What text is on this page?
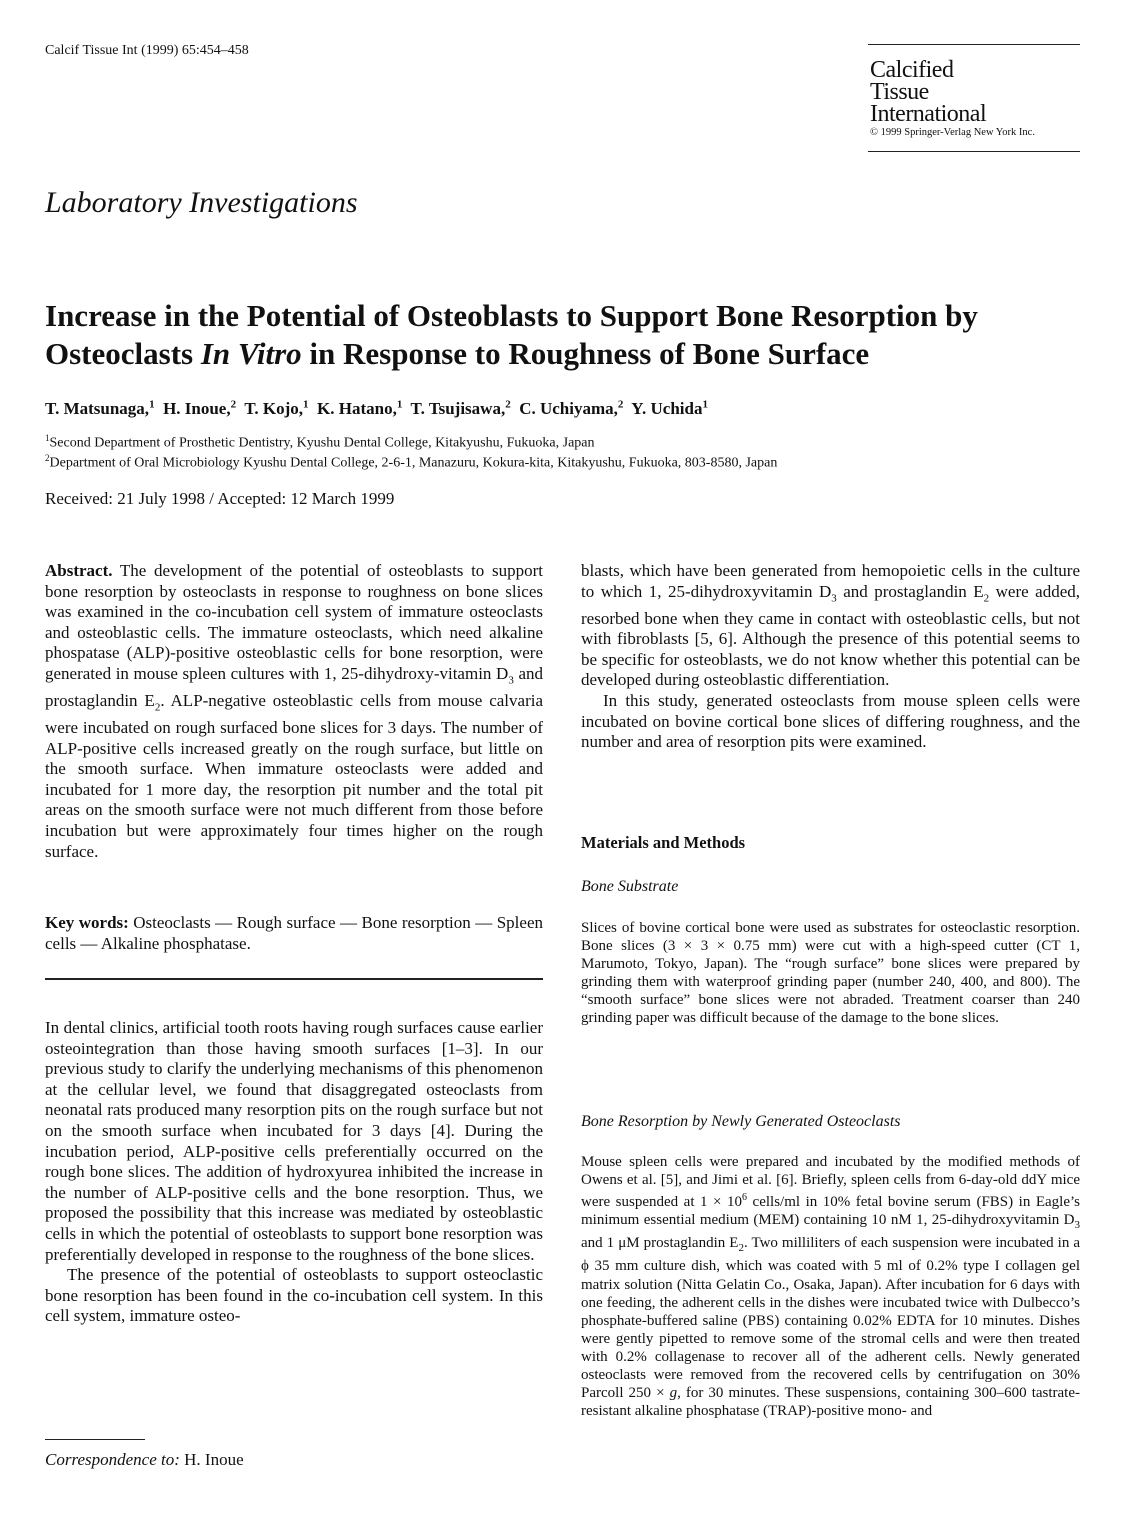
Calcif Tissue Int (1999) 65:454–458
Calcified
Tissue
International
© 1999 Springer-Verlag New York Inc.
Laboratory Investigations
Increase in the Potential of Osteoblasts to Support Bone Resorption by Osteoclasts In Vitro in Response to Roughness of Bone Surface
T. Matsunaga,$^1$ H. Inoue,$^2$ T. Kojo,$^1$ K. Hatano,$^1$ T. Tsujisawa,$^2$ C. Uchiyama,$^2$ Y. Uchida$^1$
$^1$Second Department of Prosthetic Dentistry, Kyushu Dental College, Kitakyushu, Fukuoka, Japan
$^2$Department of Oral Microbiology Kyushu Dental College, 2-6-1, Manazuru, Kokura-kita, Kitakyushu, Fukuoka, 803-8580, Japan
Received: 21 July 1998 / Accepted: 12 March 1999

Abstract. The development of the potential of osteoblasts to support bone resorption by osteoclasts in response to roughness on bone slices was examined in the co-incubation cell system of immature osteoclasts and osteoblastic cells. The immature osteoclasts, which need alkaline phospatase (ALP)-positive osteoblastic cells for bone resorption, were generated in mouse spleen cultures with 1, 25-dihydroxy-vitamin $D_3$ and prostaglandin $E_2$. ALP-negative osteoblastic cells from mouse calvaria were incubated on rough surfaced bone slices for 3 days. The number of ALP-positive cells increased greatly on the rough surface, but little on the smooth surface. When immature osteoclasts were added and incubated for 1 more day, the resorption pit number and the total pit areas on the smooth surface were not much different from those before incubation but were approximately four times higher on the rough surface.

Key words: Osteoclasts — Rough surface — Bone resorption — Spleen cells — Alkaline phosphatase.

In dental clinics, artificial tooth roots having rough surfaces cause earlier osteointegration than those having smooth surfaces [1–3]. In our previous study to clarify the underlying mechanisms of this phenomenon at the cellular level, we found that disaggregated osteoclasts from neonatal rats produced many resorption pits on the rough surface but not on the smooth surface when incubated for 3 days [4]. During the incubation period, ALP-positive cells preferentially occurred on the rough bone slices. The addition of hydroxyurea inhibited the increase in the number of ALP-positive cells and the bone resorption. Thus, we proposed the possibility that this increase was mediated by osteoblastic cells in which the potential of osteoblasts to support bone resorption was preferentially developed in response to the roughness of the bone slices.

The presence of the potential of osteoblasts to support osteoclastic bone resorption has been found in the co-incubation cell system. In this cell system, immature osteo-

Correspondence to: H. Inoue

blasts, which have been generated from hemopoietic cells in the culture to which 1, 25-dihydroxyvitamin $D_3$ and prostaglandin $E_2$ were added, resorbed bone when they came in contact with osteoblastic cells, but not with fibroblasts [5, 6]. Although the presence of this potential seems to be specific for osteoblasts, we do not know whether this potential can be developed during osteoblastic differentiation.

In this study, generated osteoclasts from mouse spleen cells were incubated on bovine cortical bone slices of differing roughness, and the number and area of resorption pits were examined.

Materials and Methods
Bone Substrate
Slices of bovine cortical bone were used as substrates for osteoclastic resorption. Bone slices (3 × 3 × 0.75 mm) were cut with a high-speed cutter (CT 1, Marumoto, Tokyo, Japan). The “rough surface” bone slices were prepared by grinding them with waterproof grinding paper (number 240, 400, and 800). The “smooth surface” bone slices were not abraded. Treatment coarser than 240 grinding paper was difficult because of the damage to the bone slices.
Bone Resorption by Newly Generated Osteoclasts
Mouse spleen cells were prepared and incubated by the modified methods of Owens et al. [5], and Jimi et al. [6]. Briefly, spleen cells from 6-day-old ddY mice were suspended at $1 \times 10^6$ cells/ml in 10% fetal bovine serum (FBS) in Eagle’s minimum essential medium (MEM) containing 10 nM 1, 25-dihydroxyvitamin $D_3$ and 1 μM prostaglandin $E_2$. Two milliliters of each suspension were incubated in a ϕ 35 mm culture dish, which was coated with 5 ml of 0.2% type I collagen gel matrix solution (Nitta Gelatin Co., Osaka, Japan). After incubation for 6 days with one feeding, the adherent cells in the dishes were incubated twice with Dulbecco’s phosphate-buffered saline (PBS) containing 0.02% EDTA for 10 minutes. Dishes were gently pipetted to remove some of the stromal cells and were then treated with 0.2% collagenase to recover all of the adherent cells. Newly generated osteoclasts were removed from the recovered cells by centrifugation on 30% Parcoll 250 × g, for 30 minutes. These suspensions, containing 300–600 tastrate-resistant alkaline phosphatase (TRAP)-positive mono- and
